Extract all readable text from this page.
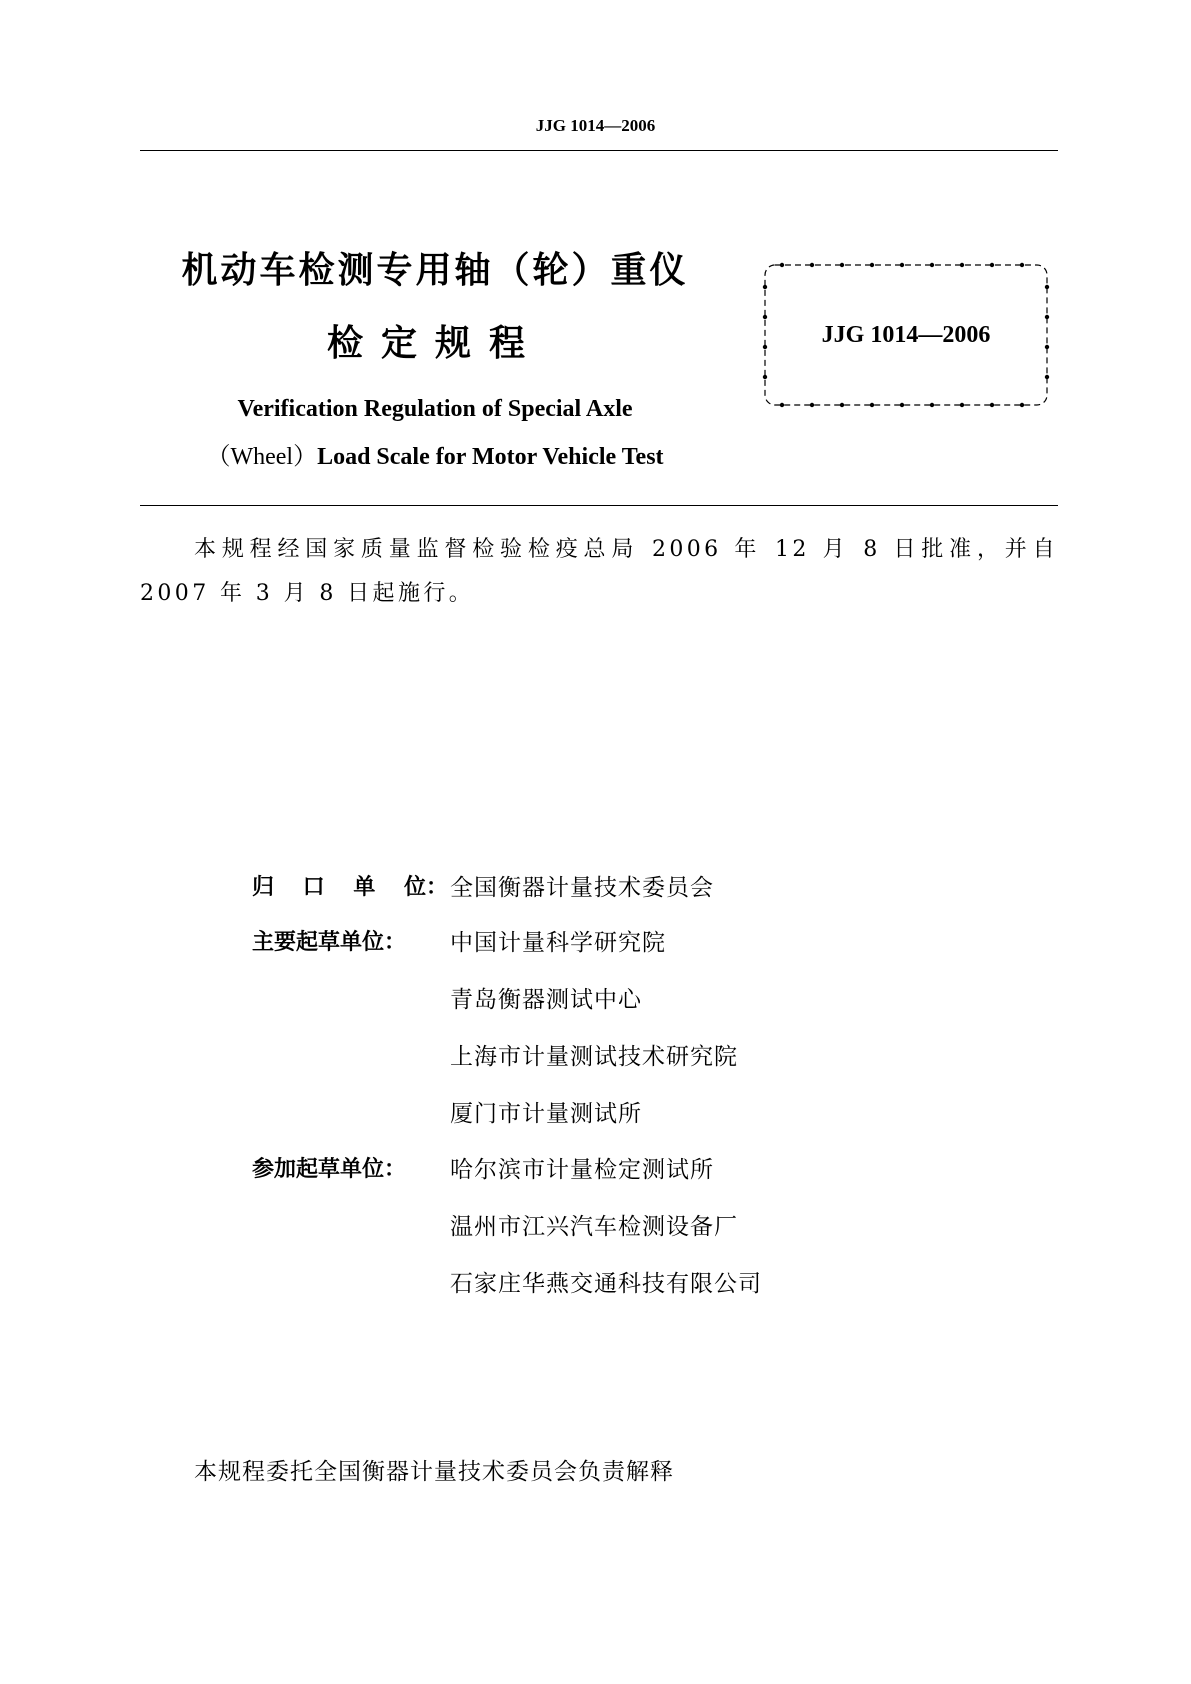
JJG 1014—2006
机动车检测专用轴（轮）重仪
检定规程
Verification Regulation of Special Axle
（Wheel）Load Scale for Motor Vehicle Test
JJG 1014—2006
本规程经国家质量监督检验检疫总局 2006 年 12 月 8 日批准，并自 2007 年 3 月 8 日起施行。
归 口 单 位： 全国衡器计量技术委员会
主要起草单位：	中国计量科学研究院
青岛衡器测试中心
上海市计量测试技术研究院
厦门市计量测试所
参加起草单位：	哈尔滨市计量检定测试所
温州市江兴汽车检测设备厂
石家庄华燕交通科技有限公司
本规程委托全国衡器计量技术委员会负责解释
